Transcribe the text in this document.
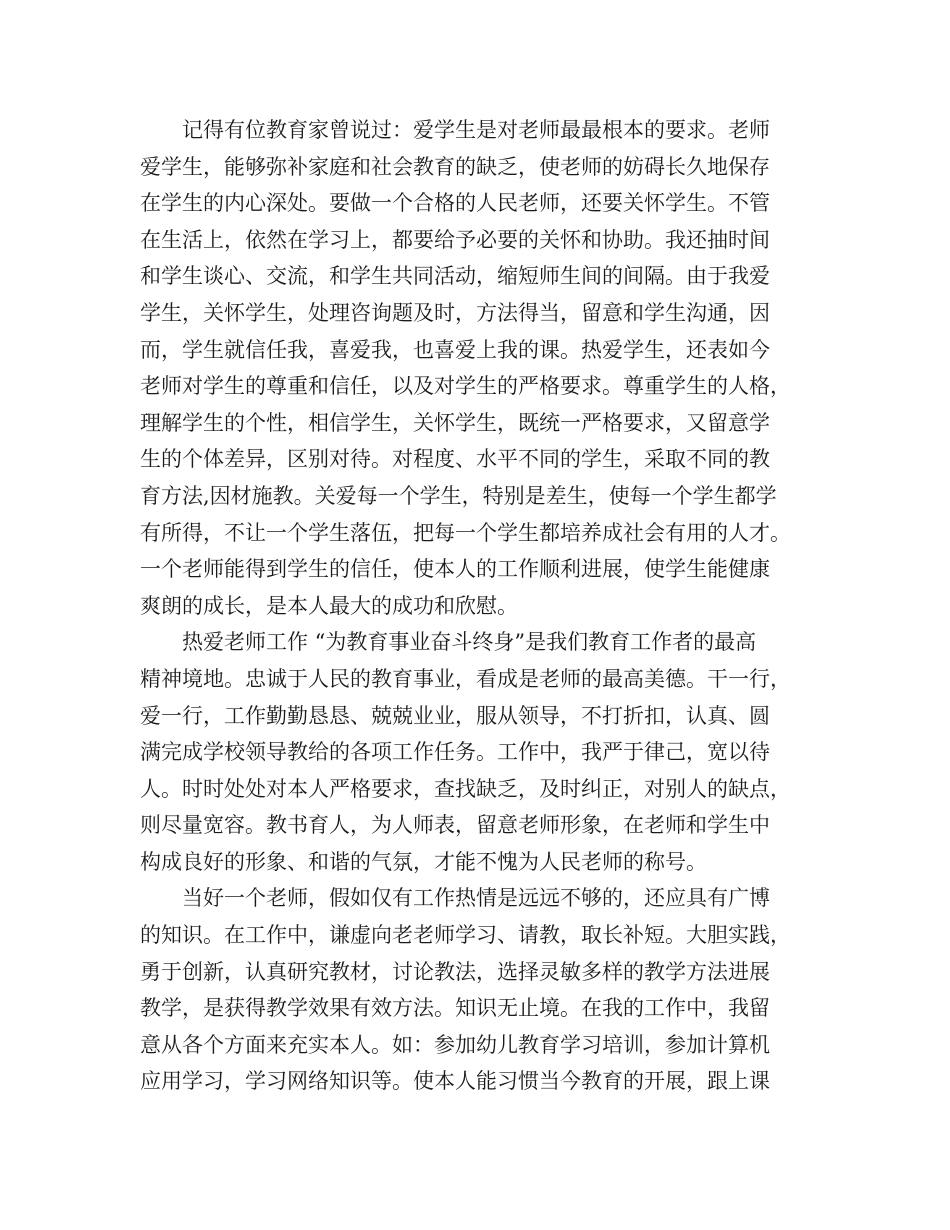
　　记得有位教育家曾说过：爱学生是对老师最最根本的要求。老师
爱学生，能够弥补家庭和社会教育的缺乏，使老师的妨碍长久地保存
在学生的内心深处。要做一个合格的人民老师，还要关怀学生。不管
在生活上，依然在学习上，都要给予必要的关怀和协助。我还抽时间
和学生谈心、交流，和学生共同活动，缩短师生间的间隔。由于我爱
学生，关怀学生，处理咨询题及时，方法得当，留意和学生沟通，因
而，学生就信任我，喜爱我，也喜爱上我的课。热爱学生，还表如今
老师对学生的尊重和信任，以及对学生的严格要求。尊重学生的人格，
理解学生的个性，相信学生，关怀学生，既统一严格要求，又留意学
生的个体差异，区别对待。对程度、水平不同的学生，采取不同的教
育方法,因材施教。关爱每一个学生，特别是差生，使每一个学生都学
有所得，不让一个学生落伍，把每一个学生都培养成社会有用的人才。
一个老师能得到学生的信任，使本人的工作顺利进展，使学生能健康
爽朗的成长，是本人最大的成功和欣慰。
　　热爱老师工作 “为教育事业奋斗终身”是我们教育工作者的最高
精神境地。忠诚于人民的教育事业，看成是老师的最高美德。干一行，
爱一行，工作勤勤恳恳、兢兢业业，服从领导，不打折扣，认真、圆
满完成学校领导教给的各项工作任务。工作中，我严于律己，宽以待
人。时时处处对本人严格要求，查找缺乏，及时纠正，对别人的缺点，
则尽量宽容。教书育人，为人师表，留意老师形象，在老师和学生中
构成良好的形象、和谐的气氛，才能不愧为人民老师的称号。
　　当好一个老师，假如仅有工作热情是远远不够的，还应具有广博
的知识。在工作中，谦虚向老老师学习、请教，取长补短。大胆实践，
勇于创新，认真研究教材，讨论教法，选择灵敏多样的教学方法进展
教学，是获得教学效果有效方法。知识无止境。在我的工作中，我留
意从各个方面来充实本人。如：参加幼儿教育学习培训，参加计算机
应用学习，学习网络知识等。使本人能习惯当今教育的开展，跟上课
